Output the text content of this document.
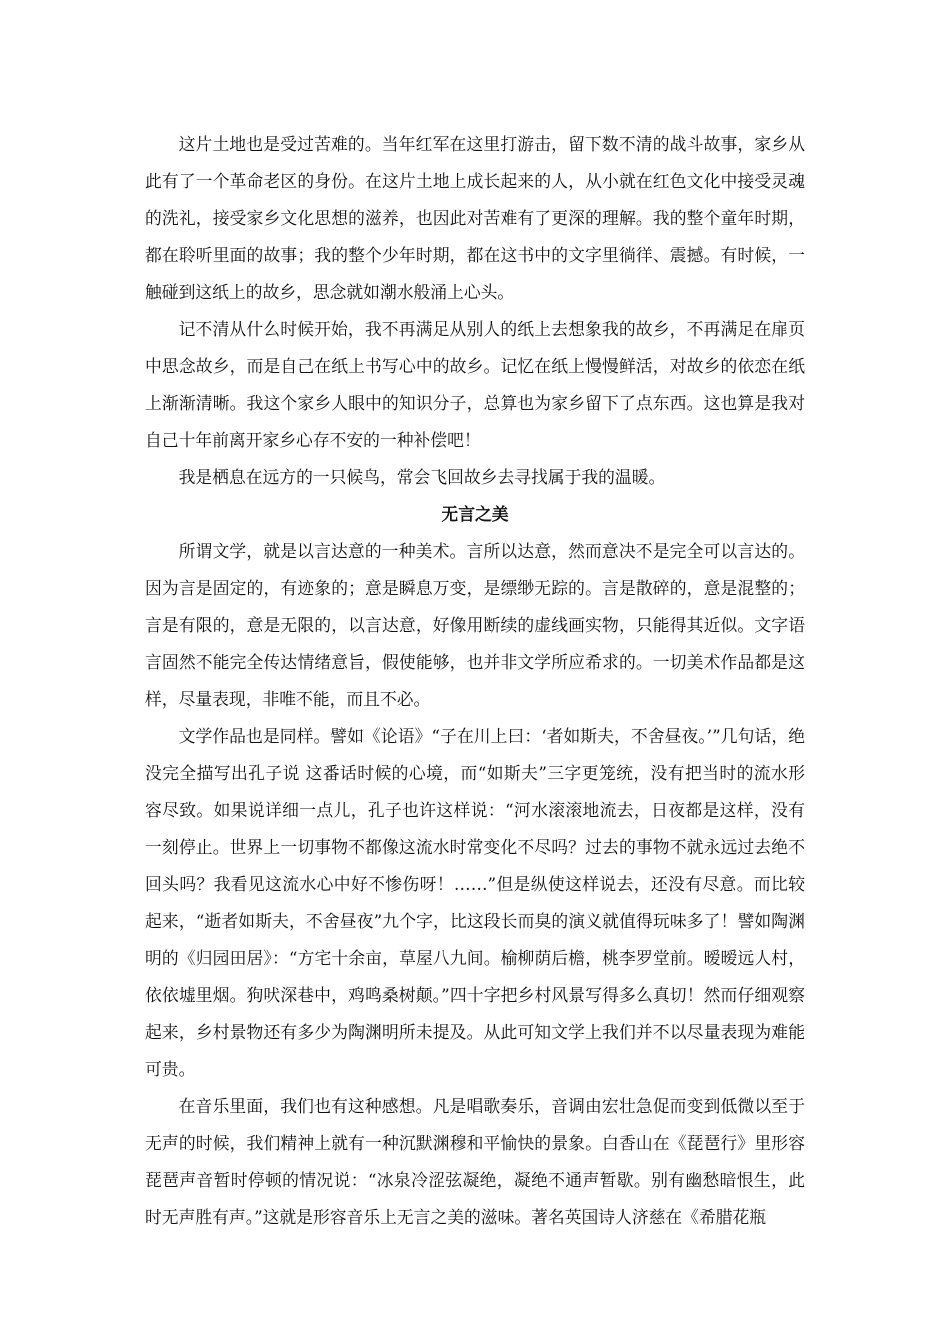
这片土地也是受过苦难的。当年红军在这里打游击，留下数不清的战斗故事，家乡从此有了一个革命老区的身份。在这片土地上成长起来的人，从小就在红色文化中接受灵魂的洗礼，接受家乡文化思想的滋养，也因此对苦难有了更深的理解。我的整个童年时期，都在聆听里面的故事；我的整个少年时期，都在这书中的文字里徜徉、震撼。有时候，一触碰到这纸上的故乡，思念就如潮水般涌上心头。

记不清从什么时候开始，我不再满足从别人的纸上去想象我的故乡，不再满足在扉页中思念故乡，而是自己在纸上书写心中的故乡。记忆在纸上慢慢鲜活，对故乡的依恋在纸上渐渐清晰。我这个家乡人眼中的知识分子，总算也为家乡留下了点东西。这也算是我对自己十年前离开家乡心存不安的一种补偿吧！

我是栖息在远方的一只候鸟，常会飞回故乡去寻找属于我的温暖。

无言之美

所谓文学，就是以言达意的一种美术。言所以达意，然而意决不是完全可以言达的。因为言是固定的，有迹象的；意是瞬息万变，是缥缈无踪的。言是散碎的，意是混整的；言是有限的，意是无限的，以言达意，好像用断续的虚线画实物，只能得其近似。文字语言固然不能完全传达情绪意旨，假使能够，也并非文学所应希求的。一切美术作品都是这样，尽量表现，非唯不能，而且不必。

文学作品也是同样。譬如《论语》“子在川上曰：‘者如斯夫，不舍昼夜。’”几句话，绝没完全描写出孔子说 这番话时候的心境，而“如斯夫”三字更笼统，没有把当时的流水形容尽致。如果说详细一点儿，孔子也许这样说：“河水滚滚地流去，日夜都是这样，没有一刻停止。世界上一切事物不都像这流水时常变化不尽吗？过去的事物不就永远过去绝不回头吗？我看见这流水心中好不惨伤呀！……”但是纵使这样说去，还没有尽意。而比较起来，“逝者如斯夫，不舍昼夜”九个字，比这段长而臭的演义就值得玩味多了！譬如陶渊明的《归园田居》：“方宅十余亩，草屋八九间。榆柳荫后檐，桃李罗堂前。暧暧远人村，依依墟里烟。狗吠深巷中，鸡鸣桑树颠。”四十字把乡村风景写得多么真切！然而仔细观察起来，乡村景物还有多少为陶渊明所未提及。从此可知文学上我们并不以尽量表现为难能可贵。

在音乐里面，我们也有这种感想。凡是唱歌奏乐，音调由宏壮急促而变到低微以至于无声的时候，我们精神上就有一种沉默渊穆和平愉快的景象。白香山在《琵琶行》里形容琵琶声音暂时停顿的情况说：“冰泉冷涩弦凝绝，凝绝不通声暂歇。别有幽愁暗恨生，此时无声胜有声。”这就是形容音乐上无言之美的滋味。著名英国诗人济慈在《希腊花瓶
